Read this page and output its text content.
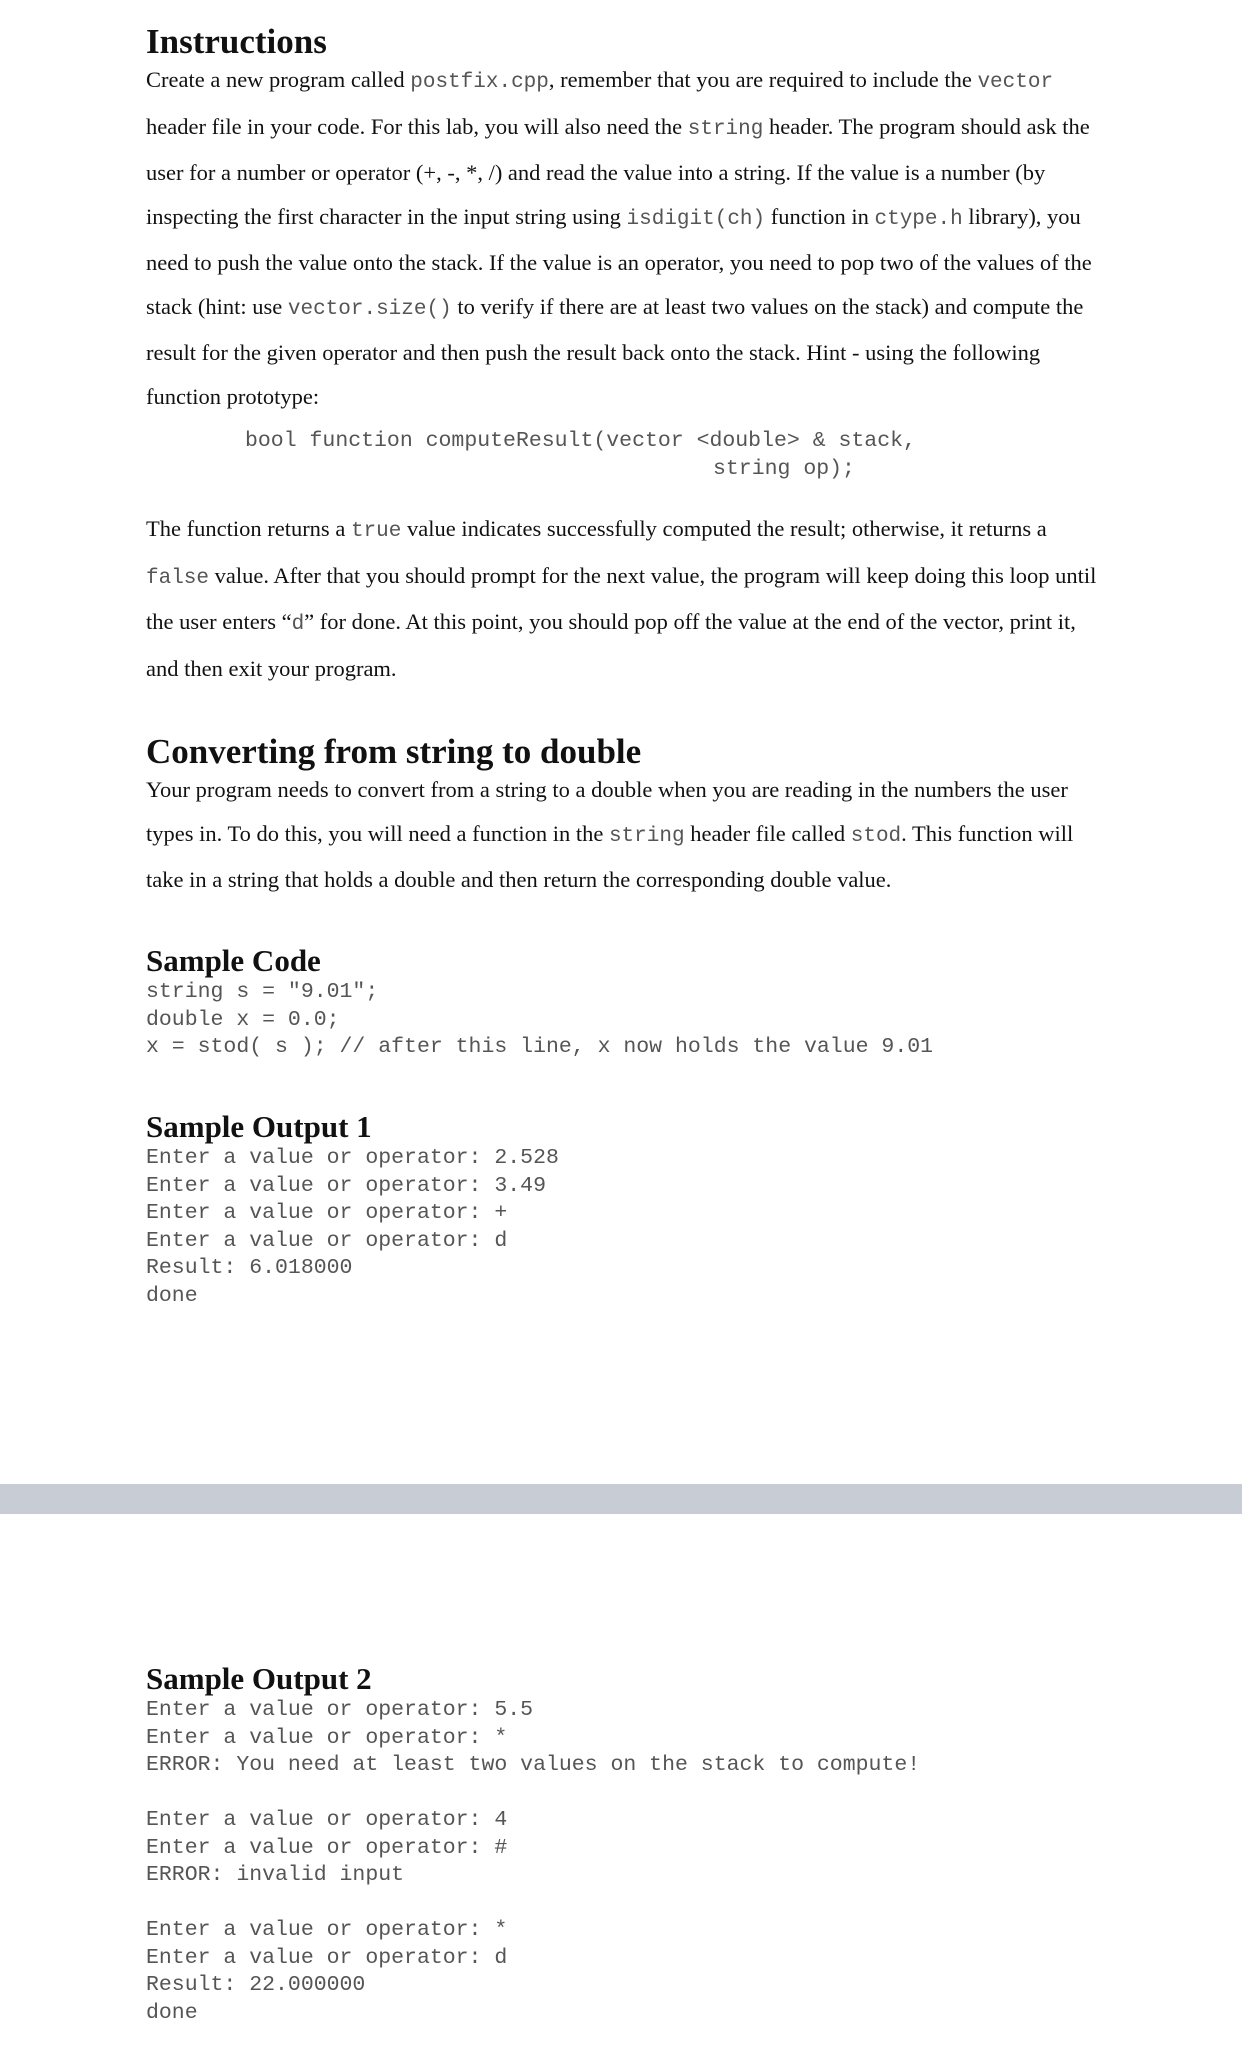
Instructions

Create a new program called postfix.cpp, remember that you are required to include the vector header file in your code. For this lab, you will also need the string header. The program should ask the user for a number or operator (+, -, *, /) and read the value into a string. If the value is a number (by inspecting the first character in the input string using isdigit(ch) function in ctype.h library), you need to push the value onto the stack. If the value is an operator, you need to pop two of the values of the stack (hint: use vector.size() to verify if there are at least two values on the stack) and compute the result for the given operator and then push the result back onto the stack. Hint - using the following function prototype:

bool function computeResult(vector <double> & stack,
string op);

The function returns a true value indicates successfully computed the result; otherwise, it returns a false value. After that you should prompt for the next value, the program will keep doing this loop until the user enters “d” for done. At this point, you should pop off the value at the end of the vector, print it, and then exit your program.

Converting from string to double

Your program needs to convert from a string to a double when you are reading in the numbers the user types in. To do this, you will need a function in the string header file called stod. This function will take in a string that holds a double and then return the corresponding double value.

Sample Code
string s = "9.01";
double x = 0.0;
x = stod( s ); // after this line, x now holds the value 9.01
Sample Output 1
Enter a value or operator: 2.528
Enter a value or operator: 3.49
Enter a value or operator: +
Enter a value or operator: d
Result: 6.018000
done
Sample Output 2
Enter a value or operator: 5.5
Enter a value or operator: *
ERROR: You need at least two values on the stack to compute!
Enter a value or operator: 4
Enter a value or operator: #
ERROR: invalid input
Enter a value or operator: *
Enter a value or operator: d
Result: 22.000000
done
